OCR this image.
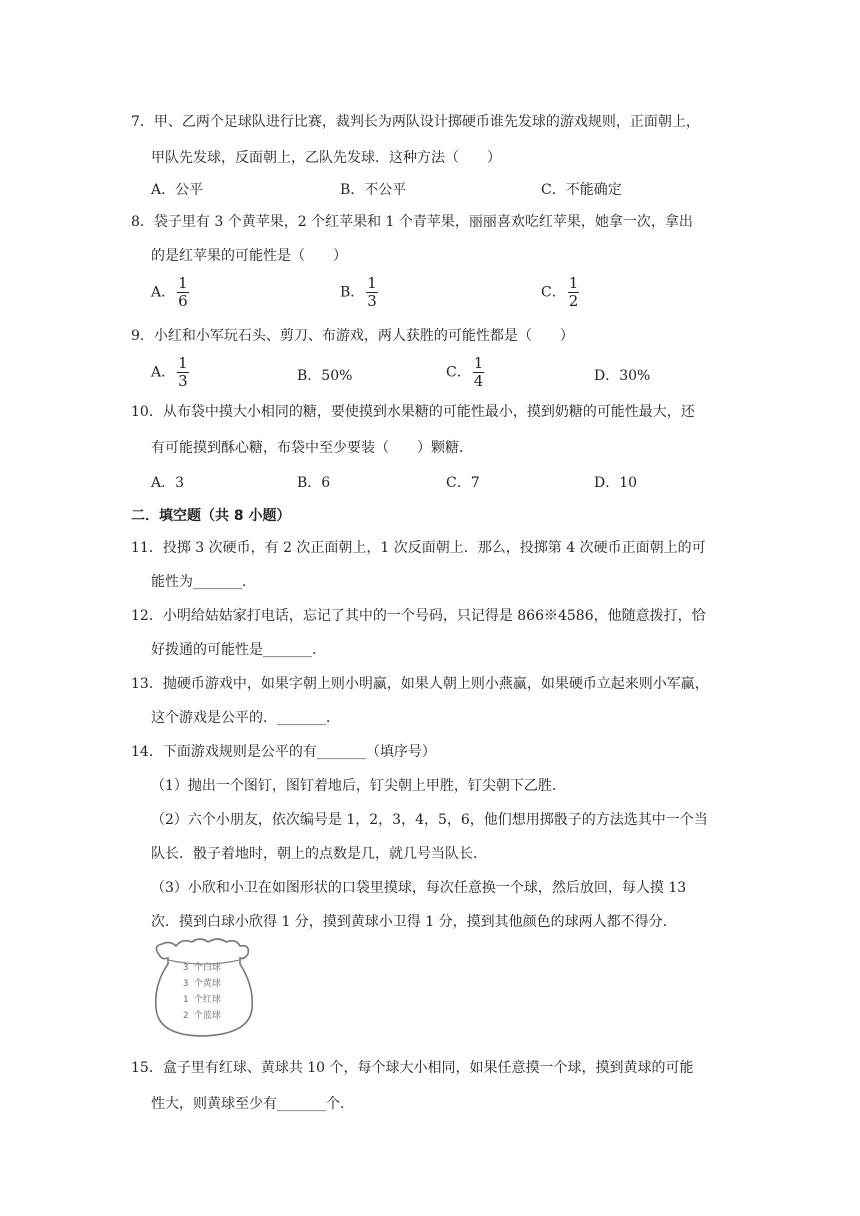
7．甲、乙两个足球队进行比赛，裁判长为两队设计掷硬币谁先发球的游戏规则，正面朝上，
甲队先发球，反面朝上，乙队先发球．这种方法（　　）
A．公平	B．不公平	C．不能确定
8．袋子里有 3 个黄苹果，2 个红苹果和 1 个青苹果，丽丽喜欢吃红苹果，她拿一次，拿出
的是红苹果的可能性是（　　）
A． $\frac{1}{6}$	B． $\frac{1}{3}$	C． $\frac{1}{2}$
9．小红和小军玩石头、剪刀、布游戏，两人获胜的可能性都是（　　）
A． $\frac{1}{3}$	B．50%	C． $\frac{1}{4}$	D．30%
10．从布袋中摸大小相同的糖，要使摸到水果糖的可能性最小，摸到奶糖的可能性最大，还
有可能摸到酥心糖，布袋中至少要装（　　）颗糖．
A．3	B．6	C．7	D．10
二．填空题（共 8 小题）
11．投掷 3 次硬币，有 2 次正面朝上，1 次反面朝上．那么，投掷第 4 次硬币正面朝上的可
能性为_______．
12．小明给姑姑家打电话，忘记了其中的一个号码，只记得是 866※4586，他随意拨打，恰
好拨通的可能性是_______．
13．抛硬币游戏中，如果字朝上则小明赢，如果人朝上则小燕赢，如果硬币立起来则小军赢，
这个游戏是公平的．_______．
14．下面游戏规则是公平的有_______（填序号）
（1）抛出一个图钉，图钉着地后，钉尖朝上甲胜，钉尖朝下乙胜．
（2）六个小朋友，依次编号是 1，2，3，4，5，6，他们想用掷骰子的方法选其中一个当
队长．骰子着地时，朝上的点数是几，就几号当队长．
（3）小欣和小卫在如图形状的口袋里摸球，每次任意换一个球，然后放回，每人摸 13
次．摸到白球小欣得 1 分，摸到黄球小卫得 1 分，摸到其他颜色的球两人都不得分．
3 个白球
3 个黄球
1 个红球
2 个蓝球
15．盒子里有红球、黄球共 10 个，每个球大小相同，如果任意摸一个球，摸到黄球的可能
性大，则黄球至少有_______个．
